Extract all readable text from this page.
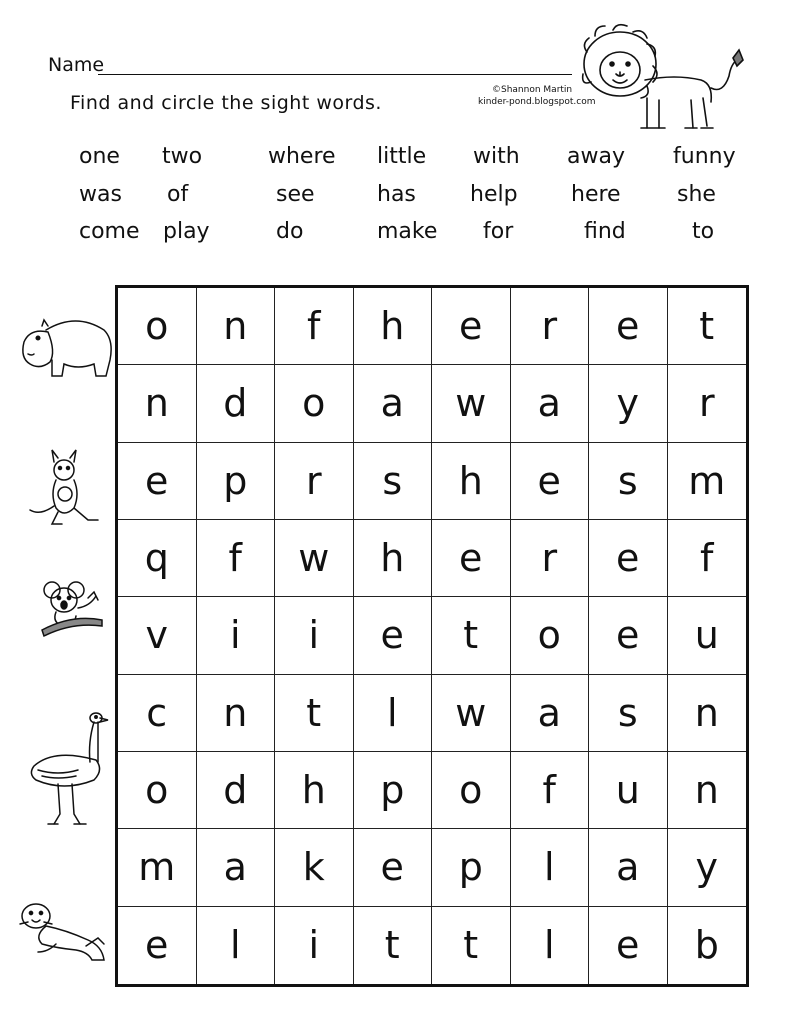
Name
Find and circle the sight words.
©Shannon Martin
kinder-pond.blogspot.com
one two	where little with away funny
was of	see	has help here	she
come play	do	make for	find	to
o	n	f	h	e	r	e	t
n	d	o	a	w	a	y	r
e	p	r	s	h	e	s	m
q	f	w	h	e	r	e	f
v	i	i	e	t	o	e	u
c	n	t	l	w	a	s	n
o	d	h	p	o	f	u	n
m	a	k	e	p	l	a	y
e	l	i	t	t	l	e	b
